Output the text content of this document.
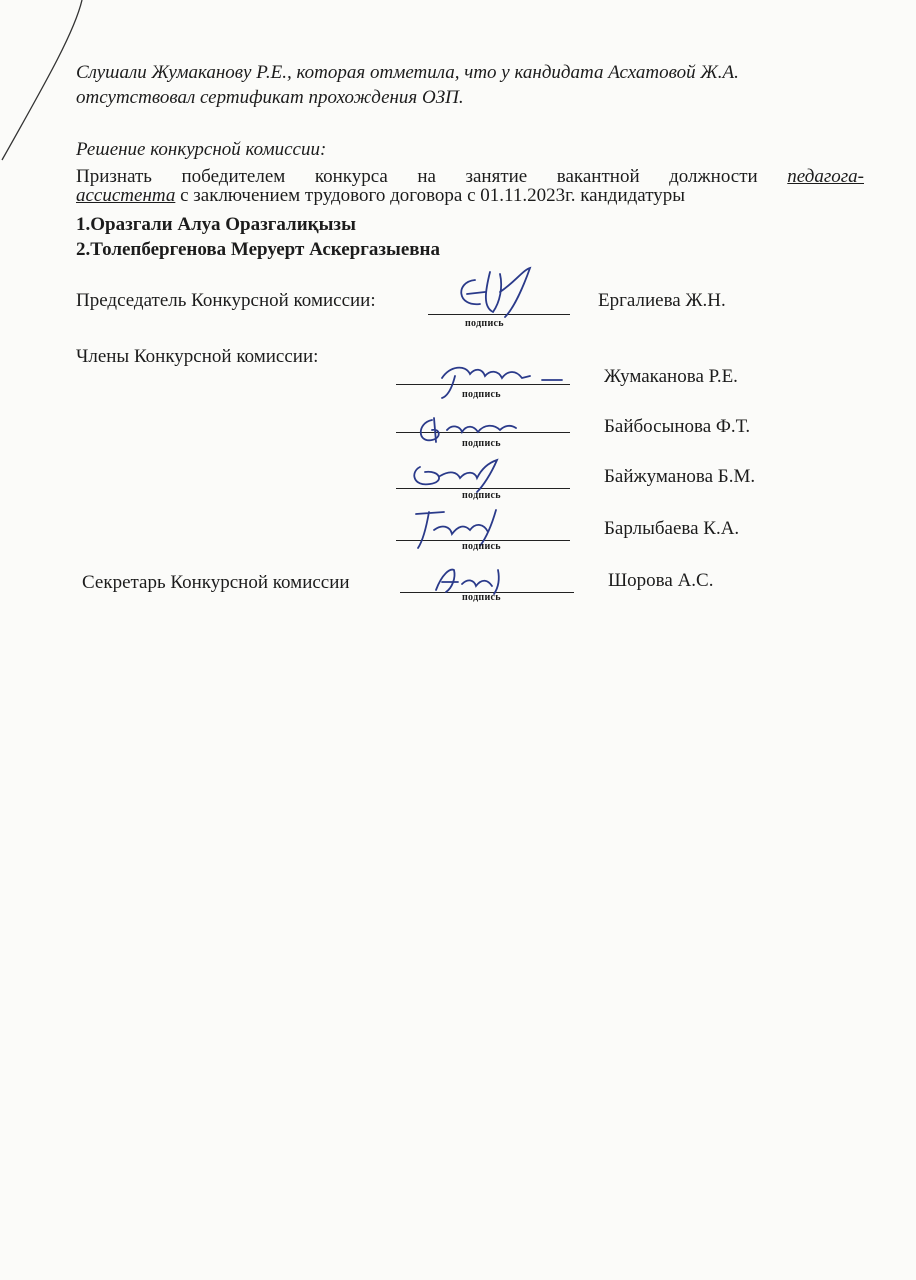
Слушали Жумаканову Р.Е., которая отметила, что у кандидата Асхатовой Ж.А.
отсутствовал сертификат прохождения ОЗП.
Решение конкурсной комиссии:
Признать победителем конкурса на занятие вакантной должности педагога-
ассистента с заключением трудового договора с 01.11.2023г. кандидатуры
1.Оразгали Алуа Оразгалиқызы
2.Толепбергенова Меруерт Аскергазыевна
Председатель Конкурсной комиссии:
подпись
Ергалиева Ж.Н.
Члены Конкурсной комиссии:
подпись
Жумаканова Р.Е.
подпись
Байбосынова Ф.Т.
подпись
Байжуманова Б.М.
подпись
Барлыбаева К.А.
Секретарь Конкурсной комиссии
подпись
Шорова А.С.
